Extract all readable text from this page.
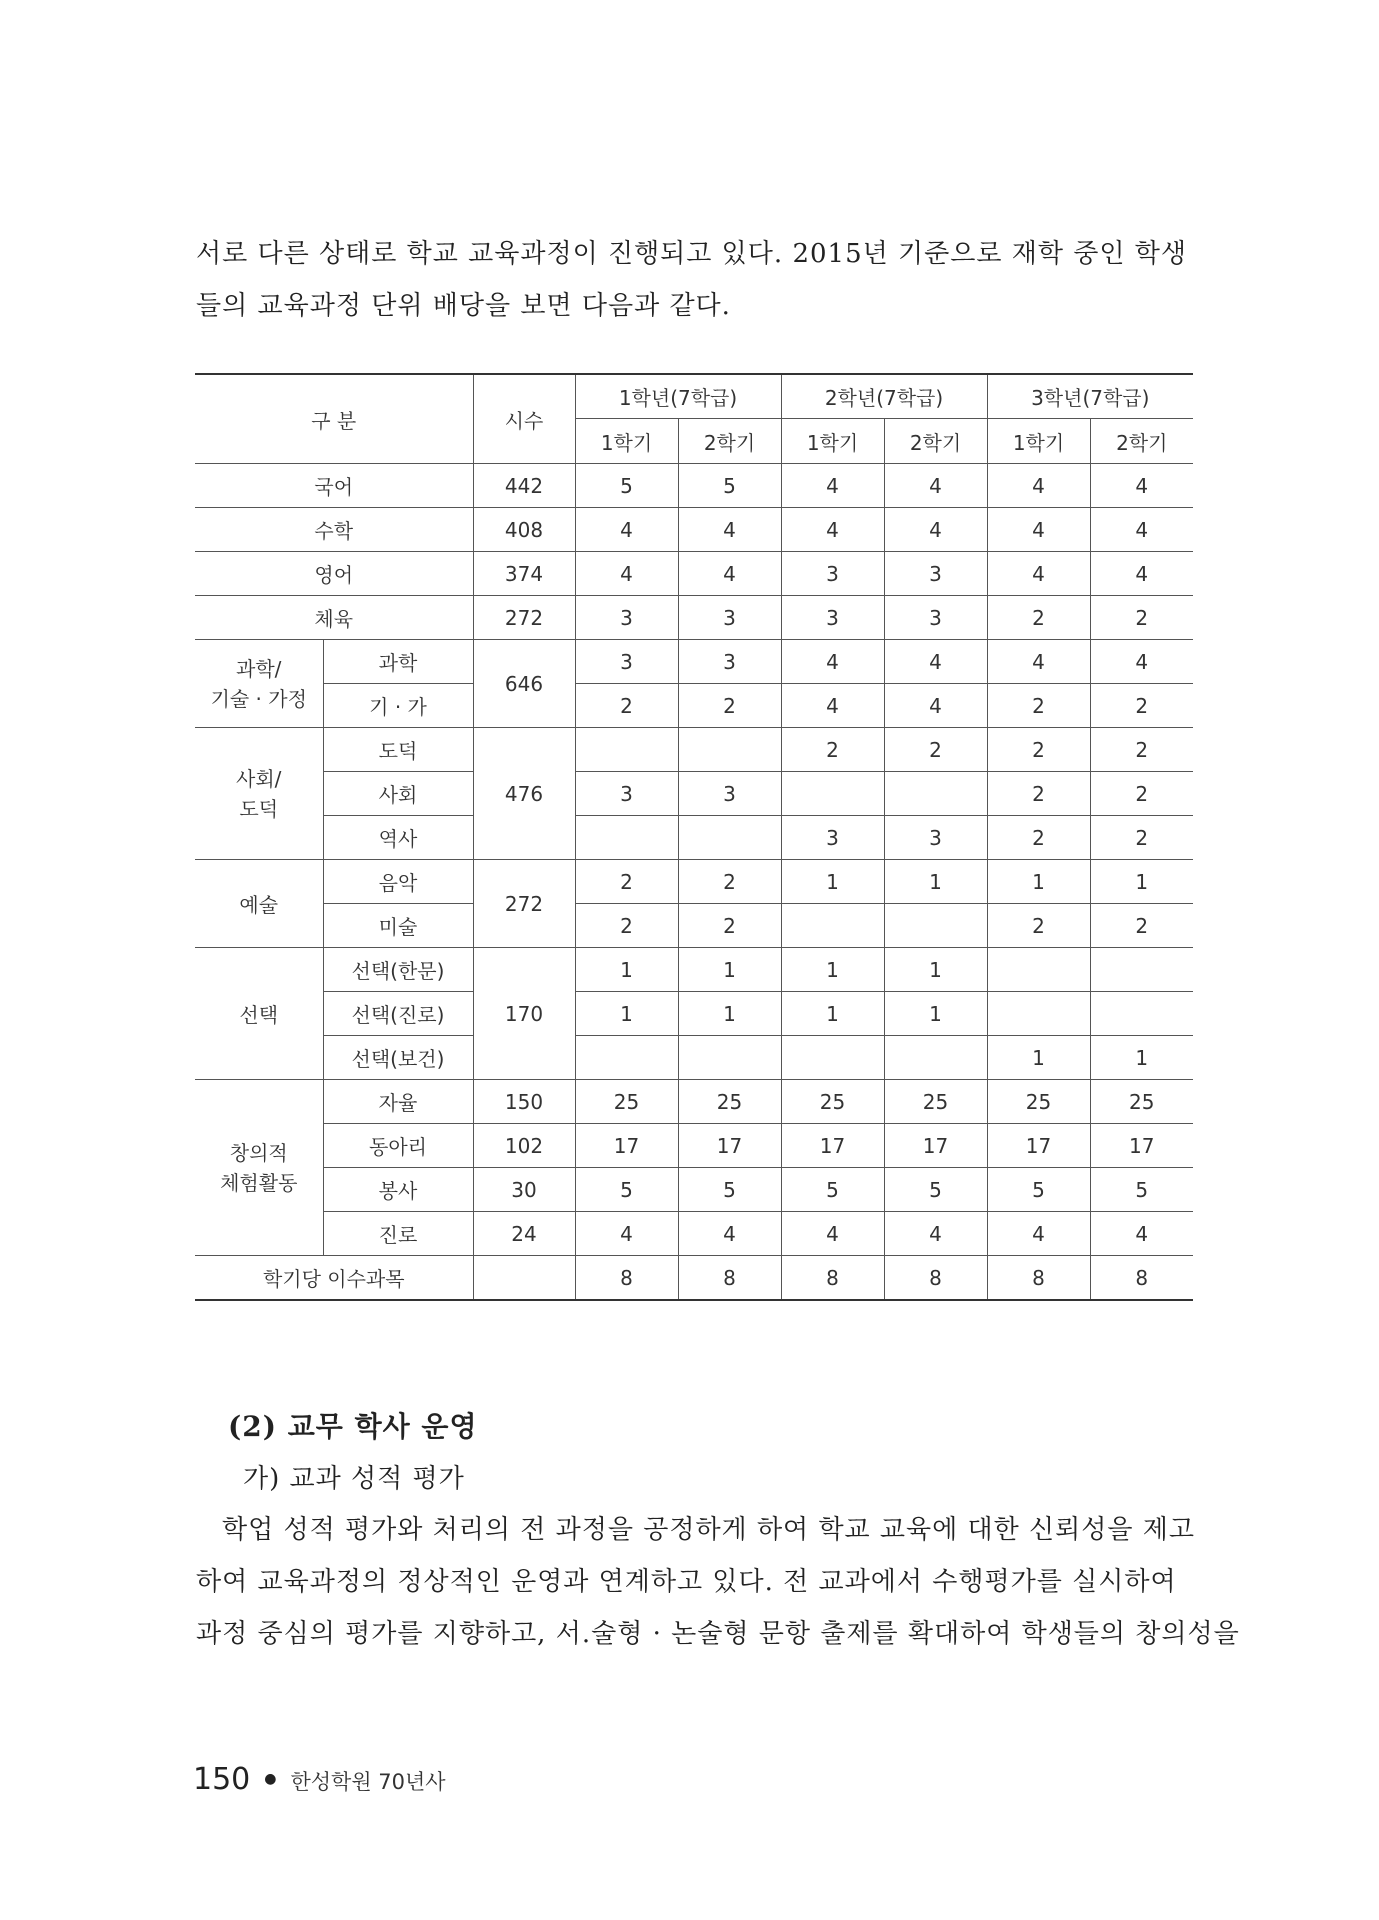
서로 다른 상태로 학교 교육과정이 진행되고 있다. 2015년 기준으로 재학 중인 학생
들의 교육과정 단위 배당을 보면 다음과 같다.
구 분		시수	1학년(7학급)		2학년(7학급)		3학년(7학급)	
			1학기	2학기	1학기	2학기	1학기	2학기
국어		442	5	5	4	4	4	4
수학		408	4	4	4	4	4	4
영어		374	4	4	3	3	4	4
체육		272	3	3	3	3	2	2
과학/
기술 · 가정	과학	646	3	3	4	4	4	4
	기 · 가		2	2	4	4	2	2
사회/
도덕	도덕	476			2	2	2	2
	사회		3	3			2	2
	역사				3	3	2	2
예술	음악	272	2	2	1	1	1	1
	미술		2	2			2	2
선택	선택(한문)	170	1	1	1	1		
	선택(진로)		1	1	1	1		
	선택(보건)						1	1
창의적
체험활동	자율	150	25	25	25	25	25	25
	동아리	102	17	17	17	17	17	17
	봉사	30	5	5	5	5	5	5
	진로	24	4	4	4	4	4	4
학기당 이수과목			8	8	8	8	8	8
(2) 교무 학사 운영
가) 교과 성적 평가
학업 성적 평가와 처리의 전 과정을 공정하게 하여 학교 교육에 대한 신뢰성을 제고
하여 교육과정의 정상적인 운영과 연계하고 있다. 전 교과에서 수행평가를 실시하여
과정 중심의 평가를 지향하고, 서.술형 · 논술형 문항 출제를 확대하여 학생들의 창의성을
150 ● 한성학원 70년사
